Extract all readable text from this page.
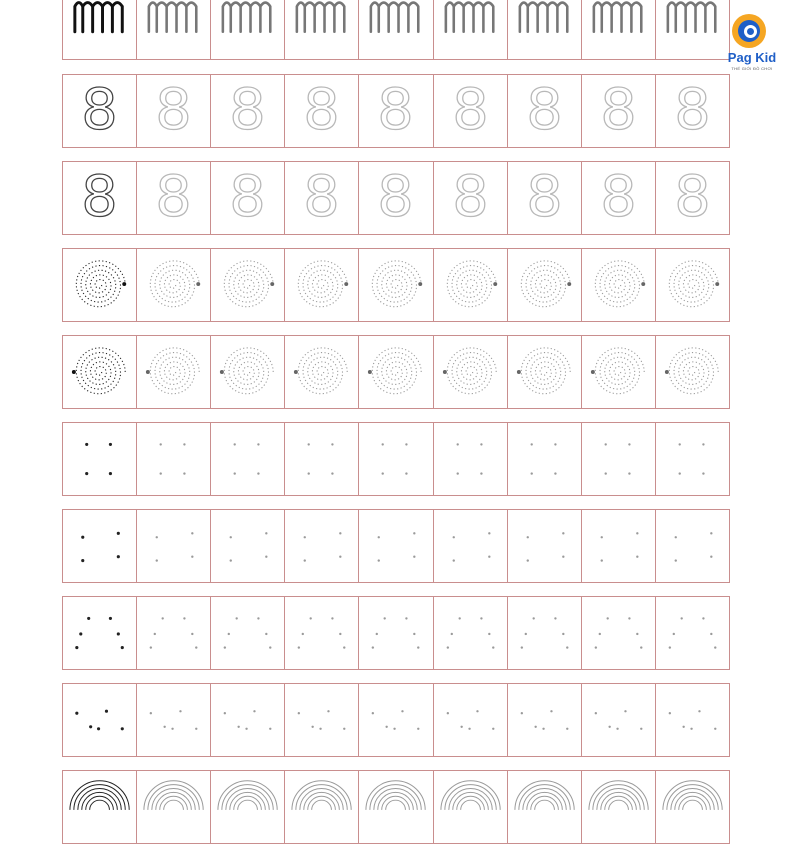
8 8 8 8 8 8 8 8 8
8 8 8 8 8 8 8 8 8
Pag Kid
THẾ GIỚI ĐỒ CHƠI
